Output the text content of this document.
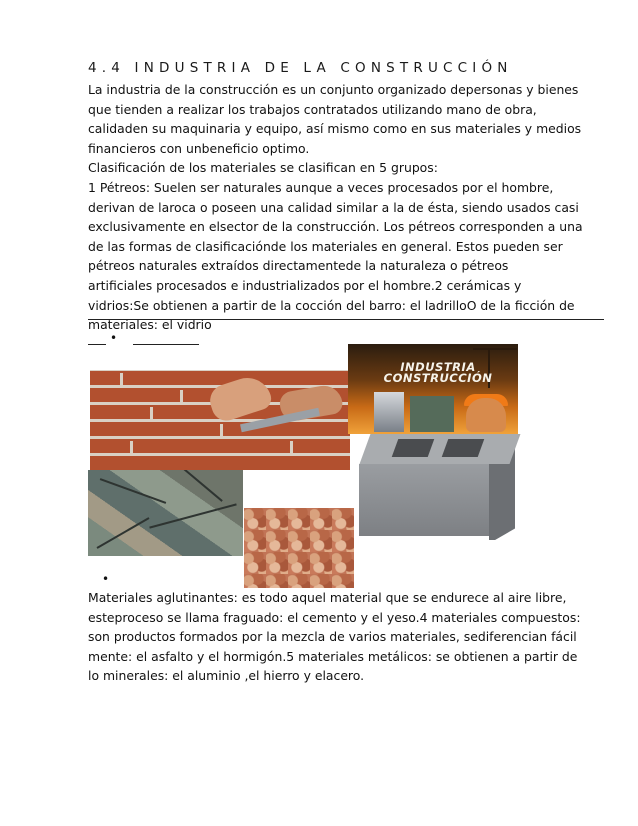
4.4 INDUSTRIA DE LA CONSTRUCCIÓN

La industria de la construcción es un conjunto organizado depersonas y bienes

que tienden a realizar los trabajos contratados utilizando mano de obra,

calidaden su maquinaria y equipo, así mismo como en sus materiales y medios

financieros con unbeneficio optimo.

Clasificación de los materiales se clasifican en 5 grupos:

1 Pétreos: Suelen ser naturales aunque a veces procesados por el hombre,

derivan de laroca o poseen una calidad similar a la de ésta, siendo usados casi

exclusivamente en elsector de la construcción. Los pétreos corresponden a una

de las formas de clasificaciónde los materiales en general. Estos pueden ser

pétreos naturales extraídos directamentede la naturaleza o pétreos

artificiales procesados e industrializados por el hombre.2 cerámicas y

vidrios:Se obtienen a partir de la cocción del barro: el ladrilloO de la ficción de

materiales: el vidrio

•
INDUSTRIA
CONSTRUCCIÓN
•

Materiales aglutinantes: es todo aquel material que se endurece al aire libre,

esteproceso se llama fraguado: el cemento y el yeso.4 materiales compuestos:

son productos formados por la mezcla de varios materiales, sediferencian fácil

mente: el asfalto y el hormigón.5 materiales metálicos: se obtienen a partir de

lo minerales: el aluminio ,el hierro y elacero.
